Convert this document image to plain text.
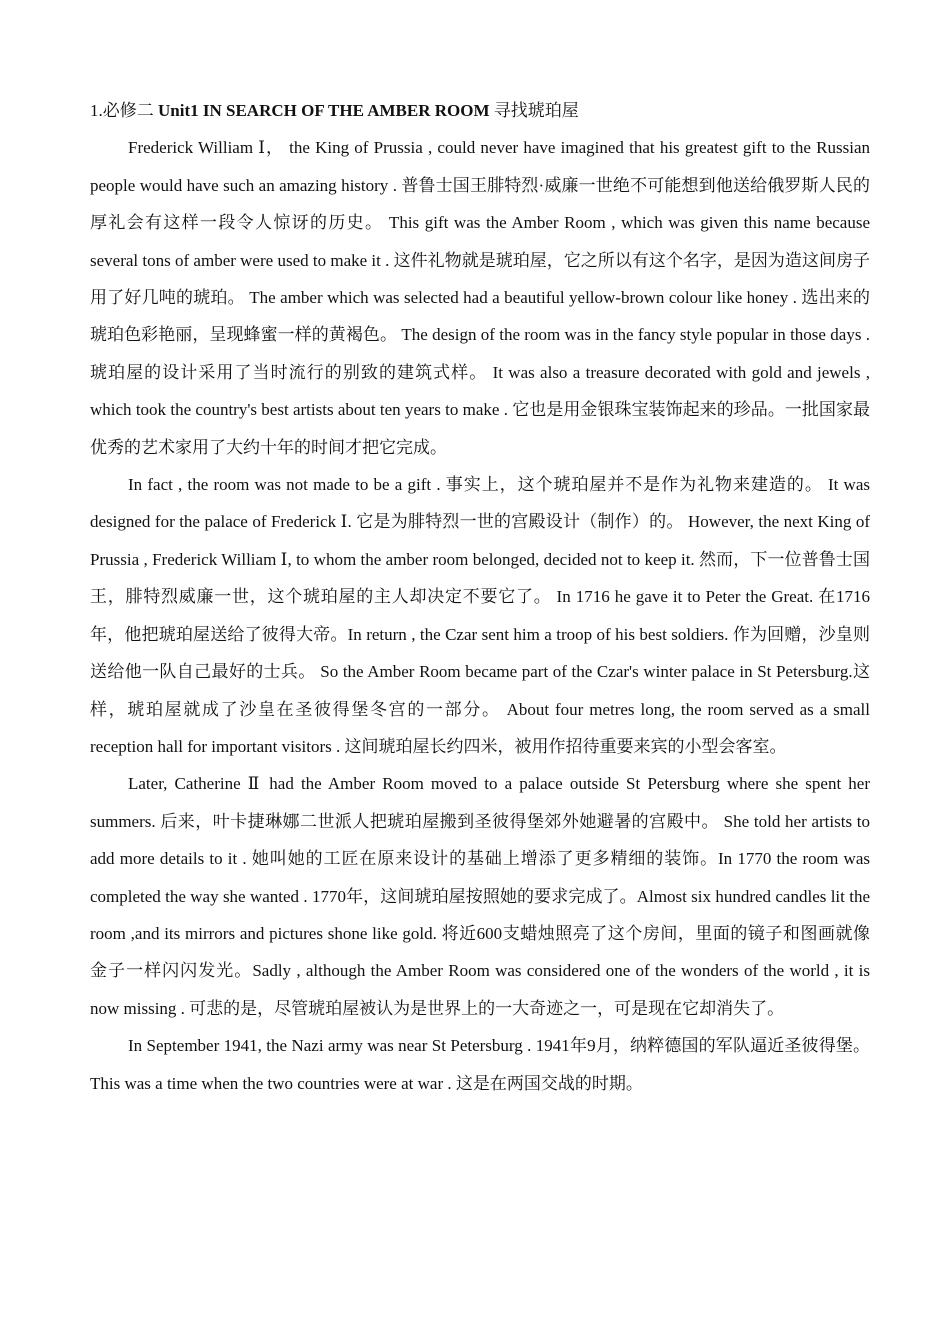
1.必修二 Unit1 IN SEARCH OF THE AMBER ROOM 寻找琥珀屋

Frederick William Ⅰ， the King of Prussia , could never have imagined that his greatest gift to the Russian people would have such an amazing history . 普鲁士国王腓特烈·威廉一世绝不可能想到他送给俄罗斯人民的厚礼会有这样一段令人惊讶的历史。 This gift was the Amber Room , which was given this name because several tons of amber were used to make it . 这件礼物就是琥珀屋，它之所以有这个名字，是因为造这间房子用了好几吨的琥珀。 The amber which was selected had a beautiful yellow-brown colour like honey . 选出来的琥珀色彩艳丽，呈现蜂蜜一样的黄褐色。 The design of the room was in the fancy style popular in those days . 琥珀屋的设计采用了当时流行的别致的建筑式样。 It was also a treasure decorated with gold and jewels , which took the country's best artists about ten years to make . 它也是用金银珠宝装饰起来的珍品。一批国家最优秀的艺术家用了大约十年的时间才把它完成。

In fact , the room was not made to be a gift . 事实上，这个琥珀屋并不是作为礼物来建造的。 It was designed for the palace of Frederick Ⅰ. 它是为腓特烈一世的宫殿设计（制作）的。 However, the next King of Prussia , Frederick William Ⅰ, to whom the amber room belonged, decided not to keep it. 然而，下一位普鲁士国王，腓特烈威廉一世，这个琥珀屋的主人却决定不要它了。 In 1716 he gave it to Peter the Great. 在1716年，他把琥珀屋送给了彼得大帝。In return , the Czar sent him a troop of his best soldiers. 作为回赠，沙皇则送给他一队自己最好的士兵。 So the Amber Room became part of the Czar's winter palace in St Petersburg.这样，琥珀屋就成了沙皇在圣彼得堡冬宫的一部分。 About four metres long, the room served as a small reception hall for important visitors . 这间琥珀屋长约四米，被用作招待重要来宾的小型会客室。

Later, Catherine Ⅱ had the Amber Room moved to a palace outside St Petersburg where she spent her summers. 后来，叶卡捷琳娜二世派人把琥珀屋搬到圣彼得堡郊外她避暑的宫殿中。 She told her artists to add more details to it . 她叫她的工匠在原来设计的基础上增添了更多精细的装饰。In 1770 the room was completed the way she wanted . 1770年，这间琥珀屋按照她的要求完成了。Almost six hundred candles lit the room ,and its mirrors and pictures shone like gold. 将近600支蜡烛照亮了这个房间，里面的镜子和图画就像金子一样闪闪发光。Sadly , although the Amber Room was considered one of the wonders of the world , it is now missing . 可悲的是，尽管琥珀屋被认为是世界上的一大奇迹之一，可是现在它却消失了。

In September 1941, the Nazi army was near St Petersburg . 1941年9月，纳粹德国的军队逼近圣彼得堡。 This was a time when the two countries were at war . 这是在两国交战的时期。
